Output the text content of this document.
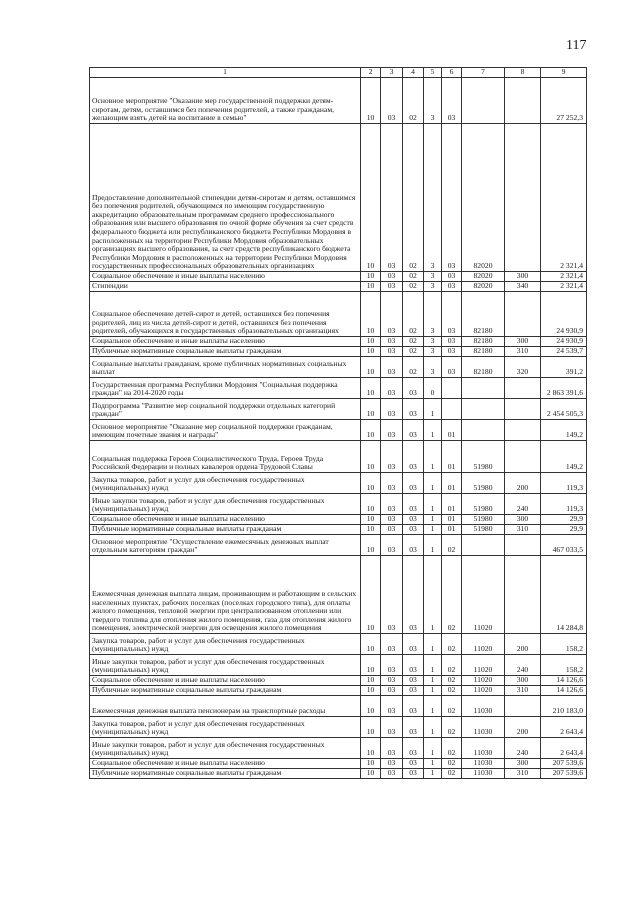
117
1	2	3	4	5	6	7	8	9
Основное мероприятие "Оказание мер государственной поддержки детям-сиротам, детям, оставшимся без попечения родителей, а также гражданам, желающим взять детей на воспитание в семью"	10	03	02	3	03			27 252,3
Предоставление дополнительной стипендии детям-сиротам и детям, оставшимся без попечения родителей, обучающимся по имеющим государственную аккредитацию образовательным программам среднего профессионального образования или высшего образования по очной форме обучения за счет средств федерального бюджета или республиканского бюджета Республики Мордовия в расположенных на территории Республики Мордовия образовательных организациях высшего образования, за счет средств республиканского бюджета Республики Мордовия в расположенных на территории Республики Мордовия государственных профессиональных образовательных организациях	10	03	02	3	03	82020		2 321,4
Социальное обеспечение и иные выплаты населению	10	03	02	3	03	82020	300	2 321,4
Стипендии	10	03	02	3	03	82020	340	2 321,4
Социальное обеспечение детей-сирот и детей, оставшихся без попечения родителей, лиц из числа детей-сирот и детей, оставшихся без попечения родителей, обучающихся в государственных образовательных организациях	10	03	02	3	03	82180		24 930,9
Социальное обеспечение и иные выплаты населению	10	03	02	3	03	82180	300	24 930,9
Публичные нормативные социальные выплаты гражданам	10	03	02	3	03	82180	310	24 539,7
Социальные выплаты гражданам, кроме публичных нормативных социальных выплат	10	03	02	3	03	82180	320	391,2
Государственная программа Республики Мордовия "Социальная поддержка граждан" на 2014-2020 годы	10	03	03	0				2 863 391,6
Подпрограмма "Развитие мер социальной поддержки отдельных категорий граждан"	10	03	03	1				2 454 505,3
Основное мероприятие "Оказание мер социальной поддержки гражданам, имеющим почетные звания и награды"	10	03	03	1	01			149,2
Социальная поддержка Героев Социалистического Труда, Героев Труда Российской Федерации и полных кавалеров ордена Трудовой Славы	10	03	03	1	01	51980		149,2
Закупка товаров, работ и услуг для обеспечения государственных (муниципальных) нужд	10	03	03	1	01	51980	200	119,3
Иные закупки товаров, работ и услуг для обеспечения государственных (муниципальных) нужд	10	03	03	1	01	51980	240	119,3
Социальное обеспечение и иные выплаты населению	10	03	03	1	01	51980	300	29,9
Публичные нормативные социальные выплаты гражданам	10	03	03	1	01	51980	310	29,9
Основное мероприятие "Осуществление ежемесячных денежных выплат отдельным категориям граждан"	10	03	03	1	02			467 033,5
Ежемесячная денежная выплата лицам, проживающим и работающим в сельских населенных пунктах, рабочих поселках (поселках городского типа), для оплаты жилого помещения, тепловой энергии при централизованном отоплении или твердого топлива для отопления жилого помещения, газа для отопления жилого помещения, электрической энергии для освещения жилого помещения	10	03	03	1	02	11020		14 284,8
Закупка товаров, работ и услуг для обеспечения государственных (муниципальных) нужд	10	03	03	1	02	11020	200	158,2
Иные закупки товаров, работ и услуг для обеспечения государственных (муниципальных) нужд	10	03	03	1	02	11020	240	158,2
Социальное обеспечение и иные выплаты населению	10	03	03	1	02	11020	300	14 126,6
Публичные нормативные социальные выплаты гражданам	10	03	03	1	02	11020	310	14 126,6
Ежемесячная денежная выплата пенсионерам на транспортные расходы	10	03	03	1	02	11030		210 183,0
Закупка товаров, работ и услуг для обеспечения государственных (муниципальных) нужд	10	03	03	1	02	11030	200	2 643,4
Иные закупки товаров, работ и услуг для обеспечения государственных (муниципальных) нужд	10	03	03	1	02	11030	240	2 643,4
Социальное обеспечение и иные выплаты населению	10	03	03	1	02	11030	300	207 539,6
Публичные нормативные социальные выплаты гражданам	10	03	03	1	02	11030	310	207 539,6
